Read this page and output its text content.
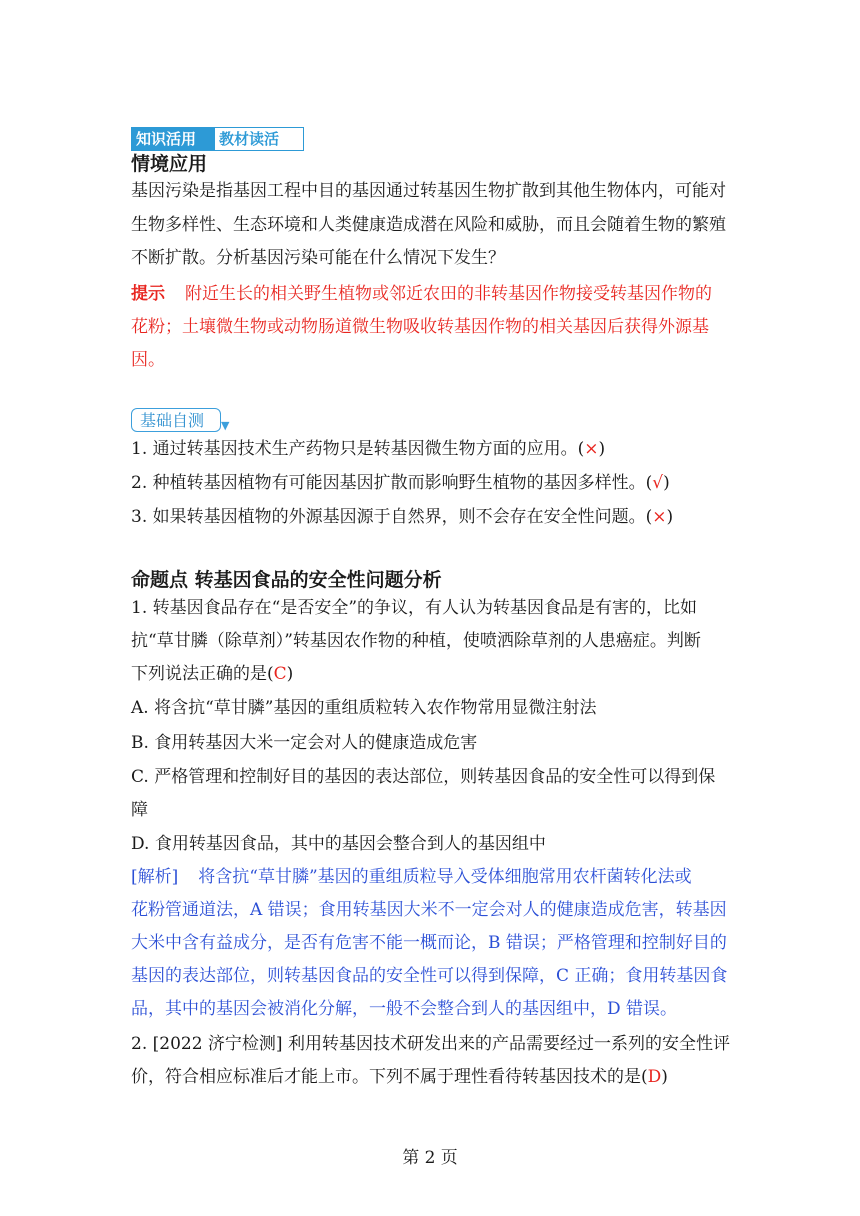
知识活用	教材读活
情境应用
基因污染是指基因工程中目的基因通过转基因生物扩散到其他生物体内，可能对
生物多样性、生态环境和人类健康造成潜在风险和威胁，而且会随着生物的繁殖
不断扩散。分析基因污染可能在什么情况下发生？
提示 附近生长的相关野生植物或邻近农田的非转基因作物接受转基因作物的
花粉；土壤微生物或动物肠道微生物吸收转基因作物的相关基因后获得外源基
因。
基础自测	▼
1. 通过转基因技术生产药物只是转基因微生物方面的应用。(×)
2. 种植转基因植物有可能因基因扩散而影响野生植物的基因多样性。(√)
3. 如果转基因植物的外源基因源于自然界，则不会存在安全性问题。(×)
命题点 转基因食品的安全性问题分析
1. 转基因食品存在“是否安全”的争议，有人认为转基因食品是有害的，比如
抗“草甘膦（除草剂）”转基因农作物的种植，使喷洒除草剂的人患癌症。判断
下列说法正确的是(C)
A. 将含抗“草甘膦”基因的重组质粒转入农作物常用显微注射法
B. 食用转基因大米一定会对人的健康造成危害
C. 严格管理和控制好目的基因的表达部位，则转基因食品的安全性可以得到保
障
D. 食用转基因食品，其中的基因会整合到人的基因组中
[解析] 将含抗“草甘膦”基因的重组质粒导入受体细胞常用农杆菌转化法或
花粉管通道法，A 错误；食用转基因大米不一定会对人的健康造成危害，转基因
大米中含有益成分，是否有危害不能一概而论，B 错误；严格管理和控制好目的
基因的表达部位，则转基因食品的安全性可以得到保障，C 正确；食用转基因食
品，其中的基因会被消化分解，一般不会整合到人的基因组中，D 错误。
2. [2022 济宁检测] 利用转基因技术研发出来的产品需要经过一系列的安全性评
价，符合相应标准后才能上市。下列不属于理性看待转基因技术的是(D)
第 2 页
